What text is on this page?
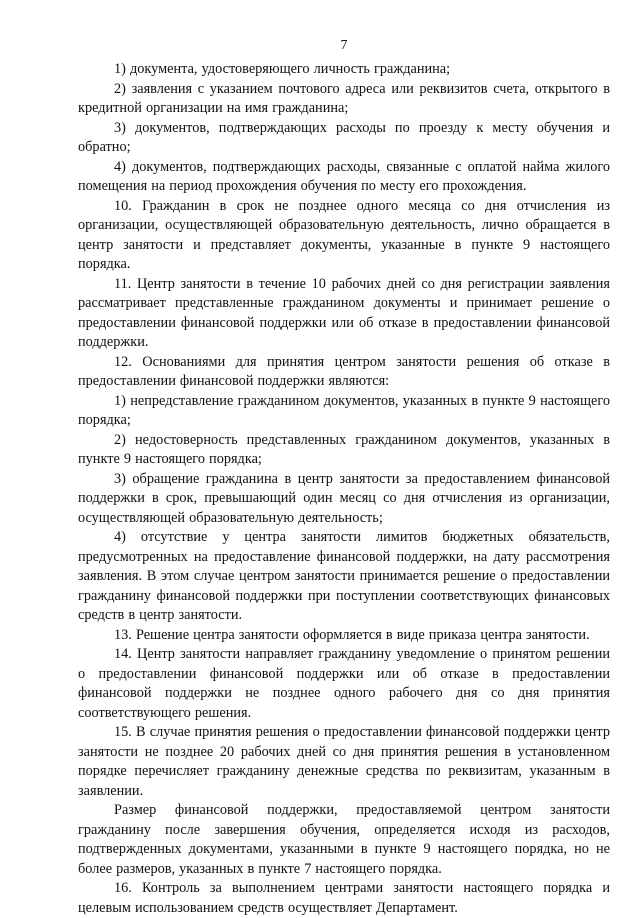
7

1) документа, удостоверяющего личность гражданина;

2) заявления с указанием почтового адреса или реквизитов счета, открытого в кредитной организации на имя гражданина;

3) документов, подтверждающих расходы по проезду к месту обучения и обратно;

4) документов, подтверждающих расходы, связанные с оплатой найма жилого помещения на период прохождения обучения по месту его прохождения.

10. Гражданин в срок не позднее одного месяца со дня отчисления из организации, осуществляющей образовательную деятельность, лично обращается в центр занятости и представляет документы, указанные в пункте 9 настоящего порядка.

11. Центр занятости в течение 10 рабочих дней со дня регистрации заявления рассматривает представленные гражданином документы и принимает решение о предоставлении финансовой поддержки или об отказе в предоставлении финансовой поддержки.

12. Основаниями для принятия центром занятости решения об отказе в предоставлении финансовой поддержки являются:

1) непредставление гражданином документов, указанных в пункте 9 настоящего порядка;

2) недостоверность представленных гражданином документов, указанных в пункте 9 настоящего порядка;

3) обращение гражданина в центр занятости за предоставлением финансовой поддержки в срок, превышающий один месяц со дня отчисления из организации, осуществляющей образовательную деятельность;

4) отсутствие у центра занятости лимитов бюджетных обязательств, предусмотренных на предоставление финансовой поддержки, на дату рассмотрения заявления. В этом случае центром занятости принимается решение о предоставлении гражданину финансовой поддержки при поступлении соответствующих финансовых средств в центр занятости.

13. Решение центра занятости оформляется в виде приказа центра занятости.

14. Центр занятости направляет гражданину уведомление о принятом решении о предоставлении финансовой поддержки или об отказе в предоставлении финансовой поддержки не позднее одного рабочего дня со дня принятия соответствующего решения.

15. В случае принятия решения о предоставлении финансовой поддержки центр занятости не позднее 20 рабочих дней со дня принятия решения в установленном порядке перечисляет гражданину денежные средства по реквизитам, указанным в заявлении.

Размер финансовой поддержки, предоставляемой центром занятости гражданину после завершения обучения, определяется исходя из расходов, подтвержденных документами, указанными в пункте 9 настоящего порядка, но не более размеров, указанных в пункте 7 настоящего порядка.

16. Контроль за выполнением центрами занятости настоящего порядка и целевым использованием средств осуществляет Департамент.
